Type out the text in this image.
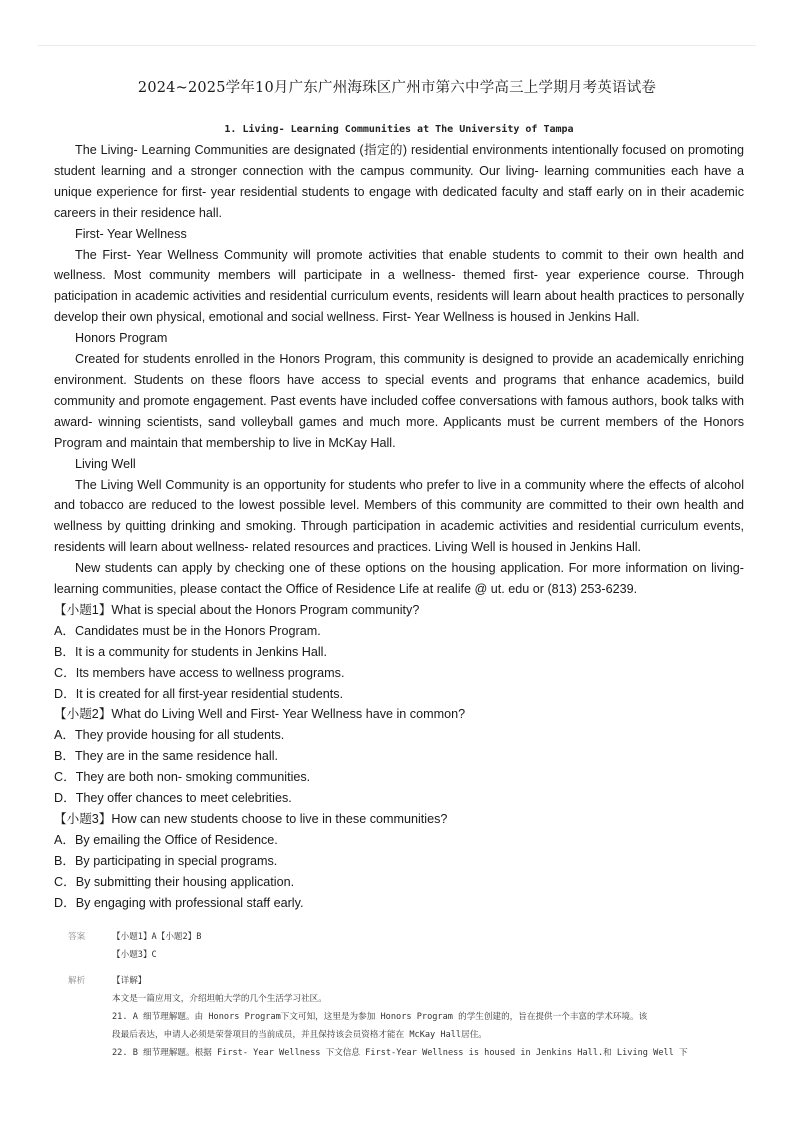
2024~2025学年10月广东广州海珠区广州市第六中学高三上学期月考英语试卷
1. Living- Learning Communities at The University of Tampa

The Living- Learning Communities are designated (指定的) residential environments intentionally focused on promoting student learning and a stronger connection with the campus community. Our living- learning communities each have a unique experience for first- year residential students to engage with dedicated faculty and staff early on in their academic careers in their residence hall.

First- Year Wellness

The First- Year Wellness Community will promote activities that enable students to commit to their own health and wellness. Most community members will participate in a wellness- themed first- year experience course. Through paticipation in academic activities and residential curriculum events, residents will learn about health practices to personally develop their own physical, emotional and social wellness. First- Year Wellness is housed in Jenkins Hall.

Honors Program

Created for students enrolled in the Honors Program, this community is designed to provide an academically enriching environment. Students on these floors have access to special events and programs that enhance academics, build community and promote engagement. Past events have included coffee conversations with famous authors, book talks with award- winning scientists, sand volleyball games and much more. Applicants must be current members of the Honors Program and maintain that membership to live in McKay Hall.

Living Well

The Living Well Community is an opportunity for students who prefer to live in a community where the effects of alcohol and tobacco are reduced to the lowest possible level. Members of this community are committed to their own health and wellness by quitting drinking and smoking. Through participation in academic activities and residential curriculum events, residents will learn about wellness- related resources and practices. Living Well is housed in Jenkins Hall.

New students can apply by checking one of these options on the housing application. For more information on living- learning communities, please contact the Office of Residence Life at realife @ ut. edu or (813) 253-6239.

【小题1】What is special about the Honors Program community?

A．Candidates must be in the Honors Program.

B．It is a community for students in Jenkins Hall.

C．Its members have access to wellness programs.

D．It is created for all first-year residential students.

【小题2】What do Living Well and First- Year Wellness have in common?

A．They provide housing for all students.

B．They are in the same residence hall.

C．They are both non- smoking communities.

D．They offer chances to meet celebrities.

【小题3】How can new students choose to live in these communities?

A．By emailing the Office of Residence.

B．By participating in special programs.

C．By submitting their housing application.

D．By engaging with professional staff early.

答案	【小题1】A【小题2】B
【小题3】C
解析	【详解】
本文是一篇应用文，介绍坦帕大学的几个生活学习社区。
21. A 细节理解题。由 Honors Program下文可知，这里是为参加 Honors Program 的学生创建的，旨在提供一个丰富的学术环境。该
段最后表达，申请人必须是荣誉项目的当前成员，并且保持该会员资格才能在 McKay Hall居住。
22. B 细节理解题。根据 First- Year Wellness 下文信息 First-Year Wellness is housed in Jenkins Hall.和 Living Well 下
